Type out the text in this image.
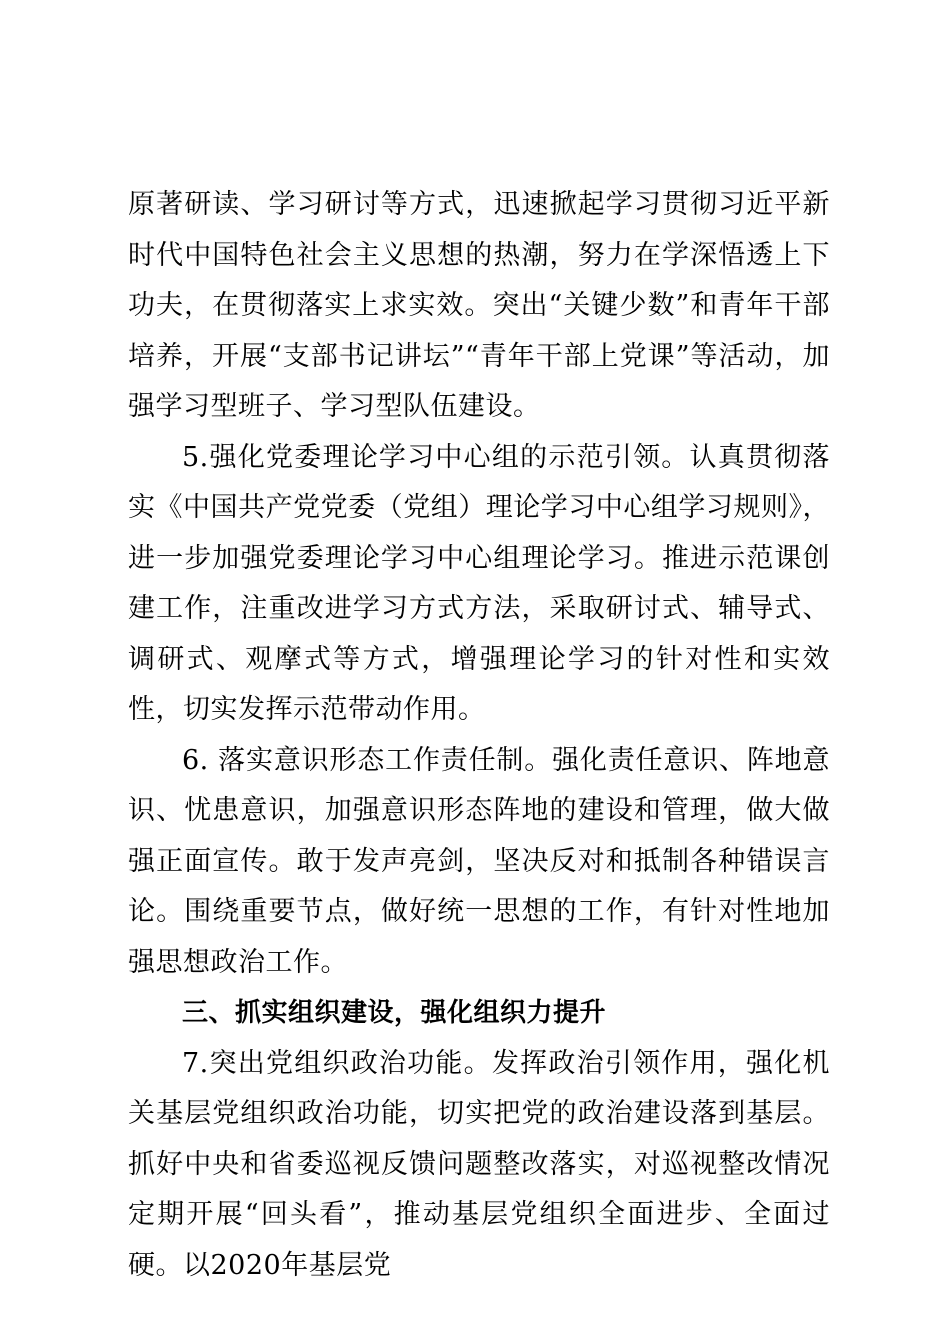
原著研读、学习研讨等方式，迅速掀起学习贯彻习近平新时代中国特色社会主义思想的热潮，努力在学深悟透上下功夫，在贯彻落实上求实效。突出“关键少数”和青年干部培养，开展“支部书记讲坛”“青年干部上党课”等活动，加强学习型班子、学习型队伍建设。

5.强化党委理论学习中心组的示范引领。认真贯彻落实《中国共产党党委（党组）理论学习中心组学习规则》，进一步加强党委理论学习中心组理论学习。推进示范课创建工作，注重改进学习方式方法，采取研讨式、辅导式、调研式、观摩式等方式，增强理论学习的针对性和实效性，切实发挥示范带动作用。

6. 落实意识形态工作责任制。强化责任意识、阵地意识、忧患意识，加强意识形态阵地的建设和管理，做大做强正面宣传。敢于发声亮剑，坚决反对和抵制各种错误言论。围绕重要节点，做好统一思想的工作，有针对性地加强思想政治工作。

三、抓实组织建设，强化组织力提升

7.突出党组织政治功能。发挥政治引领作用，强化机关基层党组织政治功能，切实把党的政治建设落到基层。抓好中央和省委巡视反馈问题整改落实，对巡视整改情况定期开展“回头看”，推动基层党组织全面进步、全面过硬。以2020年基层党
